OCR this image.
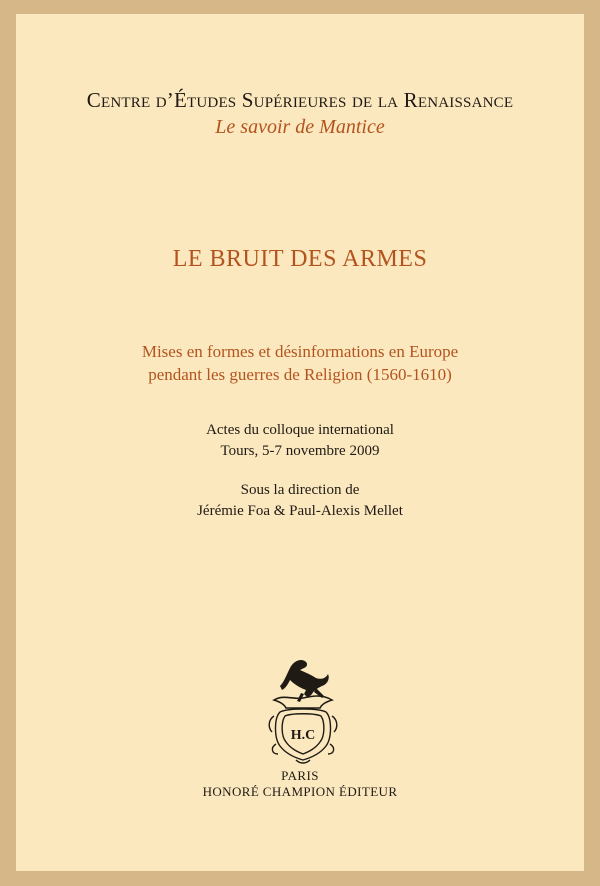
Centre d’Études Supérieures de la Renaissance
Le savoir de Mantice
LE BRUIT DES ARMES
Mises en formes et désinformations en Europe
pendant les guerres de Religion (1560-1610)
Actes du colloque international
Tours, 5-7 novembre 2009
Sous la direction de
Jérémie Foa & Paul-Alexis Mellet
H.C
PARIS
HONORÉ CHAMPION ÉDITEUR
